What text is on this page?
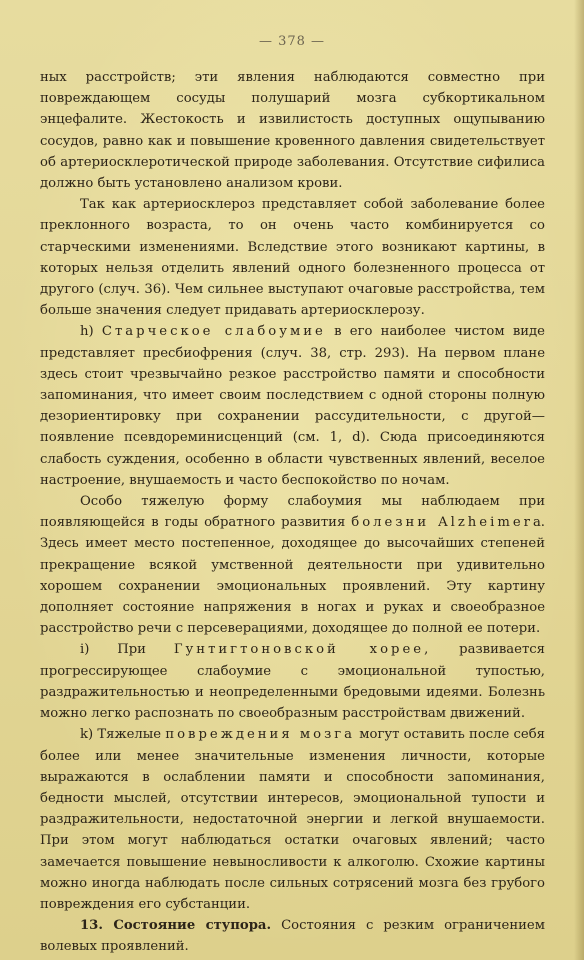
— 378 —

ных расстройств; эти явления наблюдаются совместно при повреждающем сосуды полушарий мозга субкортикальном энцефалите. Жестокость и извилистость доступных ощупыванию сосудов, равно как и повышение кровенного давления свидетельствует об артериосклеротической природе заболевания. Отсутствие сифилиса должно быть установлено анализом крови.

Так как артериосклероз представляет собой заболевание более преклонного возраста, то он очень часто комбинируется со старческими изменениями. Вследствие этого возникают картины, в которых нельзя отделить явлений одного болезненного процесса от другого (случ. 36). Чем сильнее выступают очаговые расстройства, тем больше значения следует придавать артериосклерозу.

h) Старческое слабоумие в его наиболее чистом виде представляет пресбиофрения (случ. 38, стр. 293). На первом плане здесь стоит чрезвычайно резкое расстройство памяти и способности запоминания, что имеет своим последствием с одной стороны полную дезориентировку при сохранении рассудительности, с другой—появление псевдореминисценций (см. 1, d). Сюда присоединяются слабость суждения, особенно в области чувственных явлений, веселое настроение, внушаемость и часто беспокойство по ночам.

Особо тяжелую форму слабоумия мы наблюдаем при появляющейся в годы обратного развития болезни Alzheimerа. Здесь имеет место постепенное, доходящее до высочайших степеней прекращение всякой умственной деятельности при удивительно хорошем сохранении эмоциональных проявлений. Эту картину дополняет состояние напряжения в ногах и руках и своеобразное расстройство речи с персеверациями, доходящее до полной ее потери.

i) При Гунтигтоновской хорее, развивается прогрессирующее слабоумие с эмоциональной тупостью, раздражительностью и неопределенными бредовыми идеями. Болезнь можно легко распознать по своеобразным расстройствам движений.

k) Тяжелые повреждения мозга могут оставить после себя более или менее значительные изменения личности, которые выражаются в ослаблении памяти и способности запоминания, бедности мыслей, отсутствии интересов, эмоциональной тупости и раздражительности, недостаточной энергии и легкой внушаемости. При этом могут наблюдаться остатки очаговых явлений; часто замечается повышение невыносливости к алкоголю. Схожие картины можно иногда наблюдать после сильных сотрясений мозга без грубого повреждения его субстанции.

13. Состояние ступора. Состояния с резким ограничением волевых проявлений.
